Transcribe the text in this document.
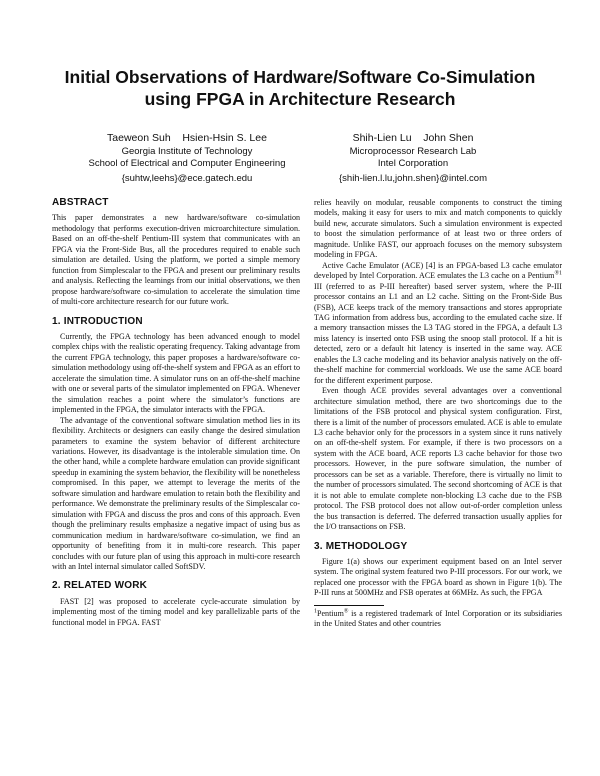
Initial Observations of Hardware/Software Co-Simulation
using FPGA in Architecture Research
Taeweon Suh    Hsien-Hsin S. Lee
Georgia Institute of Technology
School of Electrical and Computer Engineering
{suhtw,leehs}@ece.gatech.edu
Shih-Lien Lu    John Shen
Microprocessor Research Lab
Intel Corporation
{shih-lien.l.lu,john.shen}@intel.com
ABSTRACT

This paper demonstrates a new hardware/software co-simulation methodology that performs execution-driven microarchitecture simulation. Based on an off-the-shelf Pentium-III system that communicates with an FPGA via the Front-Side Bus, all the procedures required to enable such simulation are detailed. Using the platform, we ported a simple memory function from Simplescalar to the FPGA and present our preliminary results and analysis. Reflecting the learnings from our initial observations, we then propose hardware/software co-simulation to accelerate the simulation time of multi-core architecture research for our future work.

1. INTRODUCTION

Currently, the FPGA technology has been advanced enough to model complex chips with the realistic operating frequency. Taking advantage from the current FPGA technology, this paper proposes a hardware/software co-simulation methodology using off-the-shelf system and FPGA as an effort to accelerate the simulation time. A simulator runs on an off-the-shelf machine with one or several parts of the simulator implemented on FPGA. Whenever the simulation reaches a point where the simulator’s functions are implemented in the FPGA, the simulator interacts with the FPGA.

The advantage of the conventional software simulation method lies in its flexibility. Architects or designers can easily change the desired simulation parameters to examine the system behavior of different architecture variations. However, its disadvantage is the intolerable simulation time. On the other hand, while a complete hardware emulation can provide significant speedup in examining the system behavior, the flexibility will be nonetheless compromised. In this paper, we attempt to leverage the merits of the software simulation and hardware emulation to retain both the flexibility and performance. We demonstrate the preliminary results of the Simplescalar co-simulation with FPGA and discuss the pros and cons of this approach. Even though the preliminary results emphasize a negative impact of using bus as communication medium in hardware/software co-simulation, we find an opportunity of benefiting from it in multi-core research. This paper concludes with our future plan of using this approach in multi-core research with an Intel internal simulator called SoftSDV.

2. RELATED WORK

FAST [2] was proposed to accelerate cycle-accurate simulation by implementing most of the timing model and key parallelizable parts of the functional model in FPGA. FAST

relies heavily on modular, reusable components to construct the timing models, making it easy for users to mix and match components to quickly build new, accurate simulators. Such a simulation environment is expected to boost the simulation performance of at least two or three orders of magnitude. Unlike FAST, our approach focuses on the memory subsystem modeling in FPGA.

Active Cache Emulator (ACE) [4] is an FPGA-based L3 cache emulator developed by Intel Corporation. ACE emulates the L3 cache on a Pentium$^{®1}$ III (referred to as P-III hereafter) based server system, where the P-III processor contains an L1 and an L2 cache. Sitting on the Front-Side Bus (FSB), ACE keeps track of the memory transactions and stores appropriate TAG information from address bus, according to the emulated cache size. If a memory transaction misses the L3 TAG stored in the FPGA, a default L3 miss latency is inserted onto FSB using the snoop stall protocol. If a hit is detected, zero or a default hit latency is inserted in the same way. ACE enables the L3 cache modeling and its behavior analysis natively on the off-the-shelf machine for commercial workloads. We use the same ACE board for the different experiment purpose.

Even though ACE provides several advantages over a conventional architecture simulation method, there are two shortcomings due to the limitations of the FSB protocol and physical system configuration. First, there is a limit of the number of processors emulated. ACE is able to emulate L3 cache behavior only for the processors in a system since it runs natively on an off-the-shelf system. For example, if there is two processors on a system with the ACE board, ACE reports L3 cache behavior for those two processors. However, in the pure software simulation, the number of processors can be set as a variable. Therefore, there is virtually no limit to the number of processors simulated. The second shortcoming of ACE is that it is not able to emulate complete non-blocking L3 cache due to the FSB protocol. The FSB protocol does not allow out-of-order completion unless the bus transaction is deferred. The deferred transaction usually applies for the I/O transactions on FSB.

3. METHODOLOGY

Figure 1(a) shows our experiment equipment based on an Intel server system. The original system featured two P-III processors. For our work, we replaced one processor with the FPGA board as shown in Figure 1(b). The P-III runs at 500MHz and FSB operates at 66MHz. As such, the FPGA

$^1$Pentium® is a registered trademark of Intel Corporation or its subsidiaries in the United States and other countries
